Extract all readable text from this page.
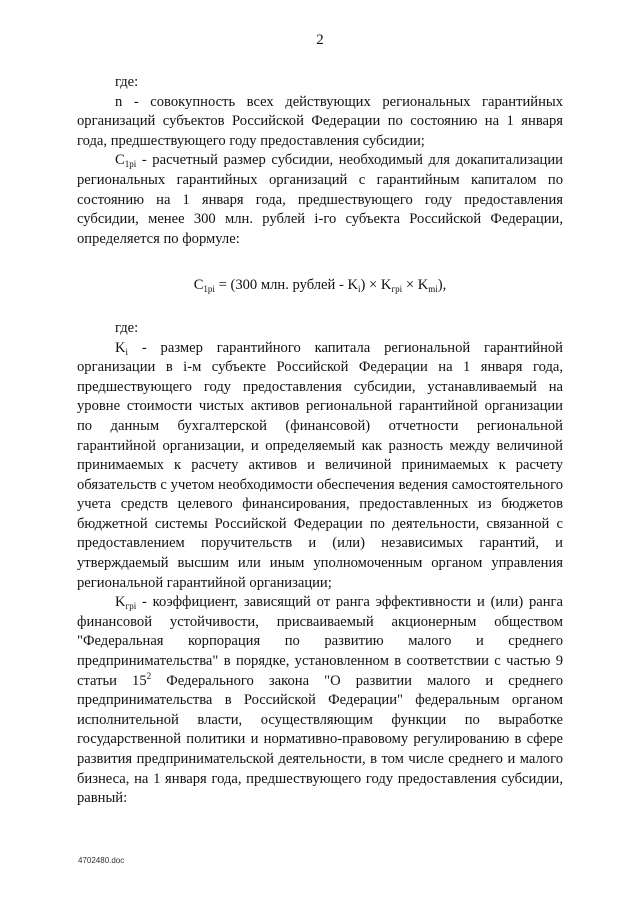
2

где:

n - совокупность всех действующих региональных гарантийных организаций субъектов Российской Федерации по состоянию на 1 января года, предшествующего году предоставления субсидии;

$C_{1pi}$ - расчетный размер субсидии, необходимый для докапитализации региональных гарантийных организаций с гарантийным капиталом по состоянию на 1 января года, предшествующего году предоставления субсидии, менее 300 млн. рублей i-го субъекта Российской Федерации, определяется по формуле:

$C_{1pi} = (300$ млн. рублей - $K_i) \times K_{гpi} \times K_{mi}$),

где:

$K_i$ - размер гарантийного капитала региональной гарантийной организации в i-м субъекте Российской Федерации на 1 января года, предшествующего году предоставления субсидии, устанавливаемый на уровне стоимости чистых активов региональной гарантийной организации по данным бухгалтерской (финансовой) отчетности региональной гарантийной организации, и определяемый как разность между величиной принимаемых к расчету активов и величиной принимаемых к расчету обязательств с учетом необходимости обеспечения ведения самостоятельного учета средств целевого финансирования, предоставленных из бюджетов бюджетной системы Российской Федерации по деятельности, связанной с предоставлением поручительств и (или) независимых гарантий, и утверждаемый высшим или иным уполномоченным органом управления региональной гарантийной организации;

$K_{гpi}$ - коэффициент, зависящий от ранга эффективности и (или) ранга финансовой устойчивости, присваиваемый акционерным обществом "Федеральная корпорация по развитию малого и среднего предпринимательства" в порядке, установленном в соответствии с частью 9 статьи $15^2$ Федерального закона "О развитии малого и среднего предпринимательства в Российской Федерации" федеральным органом исполнительной власти, осуществляющим функции по выработке государственной политики и нормативно-правовому регулированию в сфере развития предпринимательской деятельности, в том числе среднего и малого бизнеса, на 1 января года, предшествующего году предоставления субсидии, равный:

4702480.doc
